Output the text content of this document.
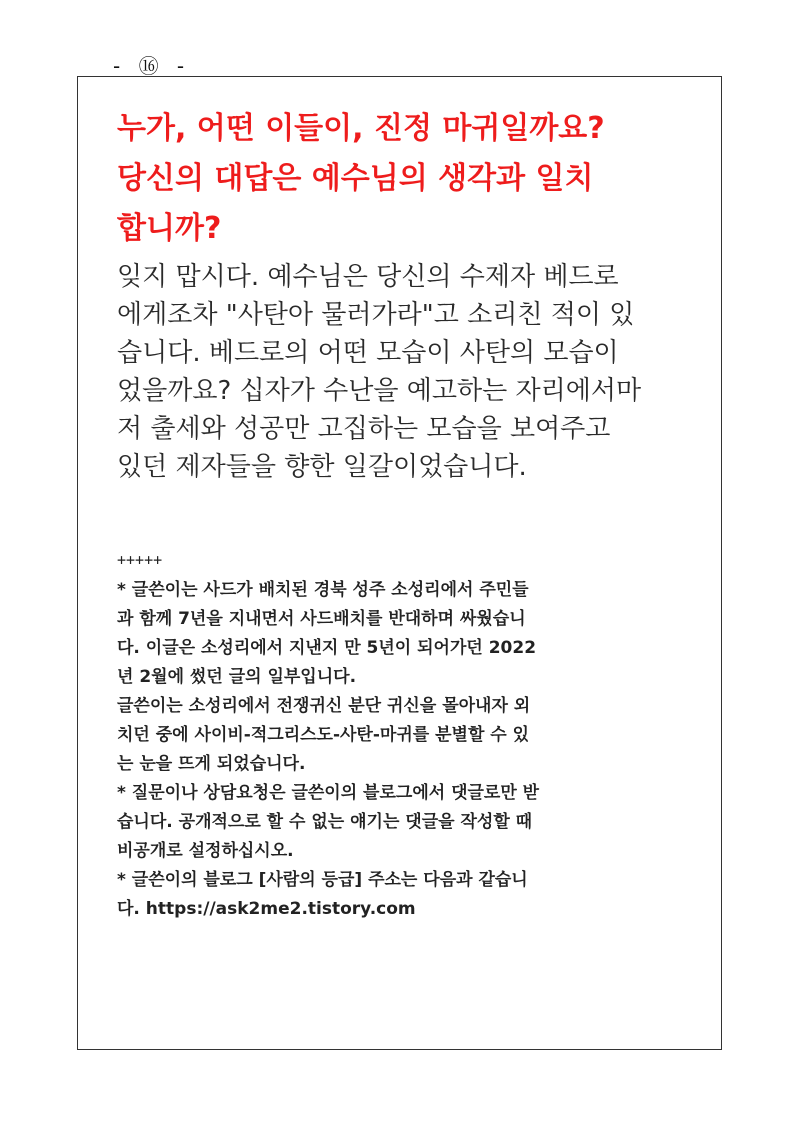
- ⑯ -

누가, 어떤 이들이, 진정 마귀일까요?

당신의 대답은 예수님의 생각과 일치

합니까?

잊지 맙시다. 예수님은 당신의 수제자 베드로

에게조차 "사탄아 물러가라"고 소리친 적이 있

습니다. 베드로의 어떤 모습이 사탄의 모습이

었을까요? 십자가 수난을 예고하는 자리에서마

저 출세와 성공만 고집하는 모습을 보여주고

있던 제자들을 향한 일갈이었습니다.

+++++

* 글쓴이는 사드가 배치된 경북 성주 소성리에서 주민들

과 함께 7년을 지내면서 사드배치를 반대하며 싸웠습니

다. 이글은 소성리에서 지낸지 만 5년이 되어가던 2022

년 2월에 썼던 글의 일부입니다.

글쓴이는 소성리에서 전쟁귀신 분단 귀신을 몰아내자 외

치던 중에 사이비-적그리스도-사탄-마귀를 분별할 수 있

는 눈을 뜨게 되었습니다.

* 질문이나 상담요청은 글쓴이의 블로그에서 댓글로만 받

습니다. 공개적으로 할 수 없는 얘기는 댓글을 작성할 때

비공개로 설정하십시오.

* 글쓴이의 블로그 [사람의 등급] 주소는 다음과 같습니

다. https://ask2me2.tistory.com
